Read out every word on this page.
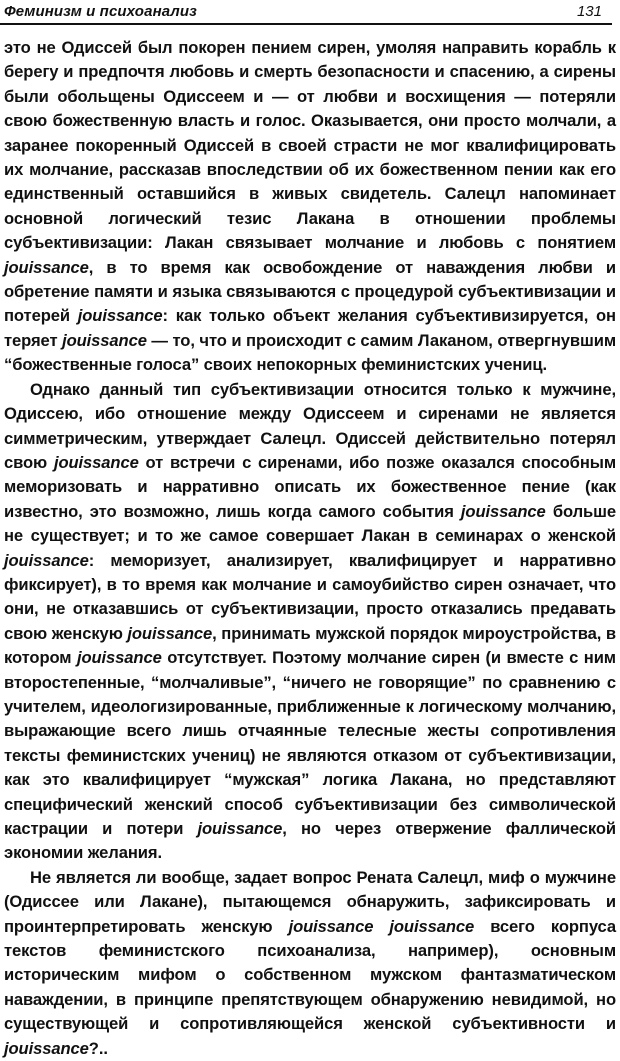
Феминизм и психоанализ	131

это не Одиссей был покорен пением сирен, умоляя направить корабль к берегу и предпочтя любовь и смерть безопасности и спасению, а сирены были обольщены Одиссеем и — от любви и восхищения — потеряли свою божественную власть и голос. Оказывается, они просто молчали, а заранее покоренный Одиссей в своей страсти не мог квалифицировать их молчание, рассказав впоследствии об их божественном пении как его единственный оставшийся в живых свидетель. Салецл напоминает основной логический тезис Лакана в отношении проблемы субъективизации: Лакан связывает молчание и любовь с понятием jouissance, в то время как освобождение от наваждения любви и обретение памяти и языка связываются с процедурой субъективизации и потерей jouissance: как только объект желания субъективизируется, он теряет jouissance — то, что и происходит с самим Лаканом, отвергнувшим “божественные голоса” своих непокорных феминистских учениц.

Однако данный тип субъективизации относится только к мужчине, Одиссею, ибо отношение между Одиссеем и сиренами не является симметрическим, утверждает Салецл. Одиссей действительно потерял свою jouissance от встречи с сиренами, ибо позже оказался способным меморизовать и нарративно описать их божественное пение (как известно, это возможно, лишь когда самого события jouissance больше не существует; и то же самое совершает Лакан в семинарах о женской jouissance: меморизует, анализирует, квалифицирует и нарративно фиксирует), в то время как молчание и самоубийство сирен означает, что они, не отказавшись от субъективизации, просто отказались предавать свою женскую jouissance, принимать мужской порядок мироустройства, в котором jouissance отсутствует. Поэтому молчание сирен (и вместе с ним второстепенные, “молчаливые”, “ничего не говорящие” по сравнению с учителем, идеологизированные, приближенные к логическому молчанию, выражающие всего лишь отчаянные телесные жесты сопротивления тексты феминистских учениц) не являются отказом от субъективизации, как это квалифицирует “мужская” логика Лакана, но представляют специфический женский способ субъективизации без символической кастрации и потери jouissance, но через отвержение фаллической экономии желания.

Не является ли вообще, задает вопрос Рената Салецл, миф о мужчине (Одиссее или Лакане), пытающемся обнаружить, зафиксировать и проинтерпретировать женскую jouissance jouissance всего корпуса текстов феминистского психоанализа, например), основным историческим мифом о собственном мужском фантазматическом наваждении, в принципе препятствующем обнаружению невидимой, но существующей и сопротивляющейся женской субъективности и jouissance?..
